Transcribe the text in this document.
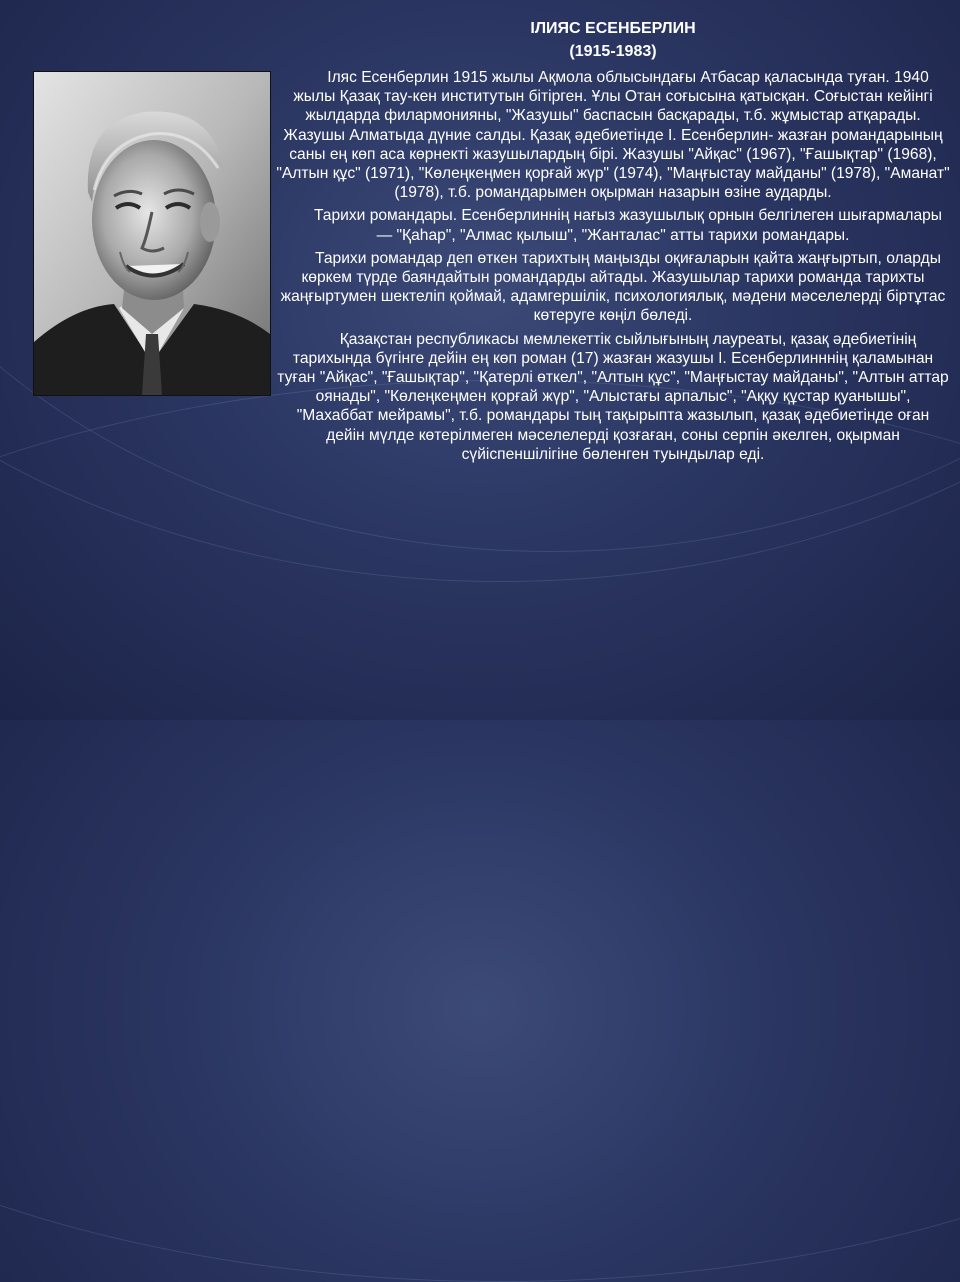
ІЛИЯС ЕСЕНБЕРЛИН

(1915-1983)

Іляс Есенберлин 1915 жылы Ақмола облысындағы Атбасар қаласында туған. 1940 жылы Қазақ тау-кен институтын бітірген. Ұлы Отан соғысына қатысқан. Соғыстан кейінгі жылдарда филармонияны, "Жазушы" баспасын басқарады, т.б. жұмыстар атқарады. Жазушы Алматыда дүние салды. Қазақ әдебиетінде І. Есенберлин- жазған романдарының саны ең көп аса көрнекті жазушылардың бірі. Жазушы "Айқас" (1967), "Ғашықтар" (1968), "Алтын құс" (1971), "Көлеңкеңмен қорғай жүр" (1974), "Маңғыстау майданы" (1978), "Аманат" (1978), т.б. романдарымен оқырман назарын өзіне аударды.

Тарихи романдары. Есенберлиннің нағыз жазушылық орнын белгілеген шығармалары — "Қаһар", "Алмас қылыш", "Жанталас" атты тарихи романдары.

Тарихи романдар деп өткен тарихтың маңызды оқиғаларын қайта жаңғыртып, оларды көркем түрде баяндайтын романдарды айтады. Жазушылар тарихи романда тарихты жаңғыртумен шектеліп қоймай, адамгершілік, психологиялық, мәдени мәселелерді біртұтас көтеруге көңіл бөледі.

Қазақстан республикасы мемлекеттік сыйлығының лауреаты, қазақ әдебиетінің тарихында бүгінге дейін ең көп роман (17) жазған жазушы І. Есенберлинннің қаламынан туған "Айқас", "Ғашықтар", "Қатерлі өткел", "Алтын құс", "Маңғыстау майданы", "Алтын аттар оянады", "Көлеңкеңмен қорғай жүр", "Алыстағы арпалыс", "Аққу құстар қуанышы", "Махаббат мейрамы", т.б. романдары тың тақырыпта жазылып, қазақ әдебиетінде оған дейін мүлде көтерілмеген мәселелерді қозғаған, соны серпін әкелген, оқырман сүйіспеншілігіне бөленген туындылар еді.
